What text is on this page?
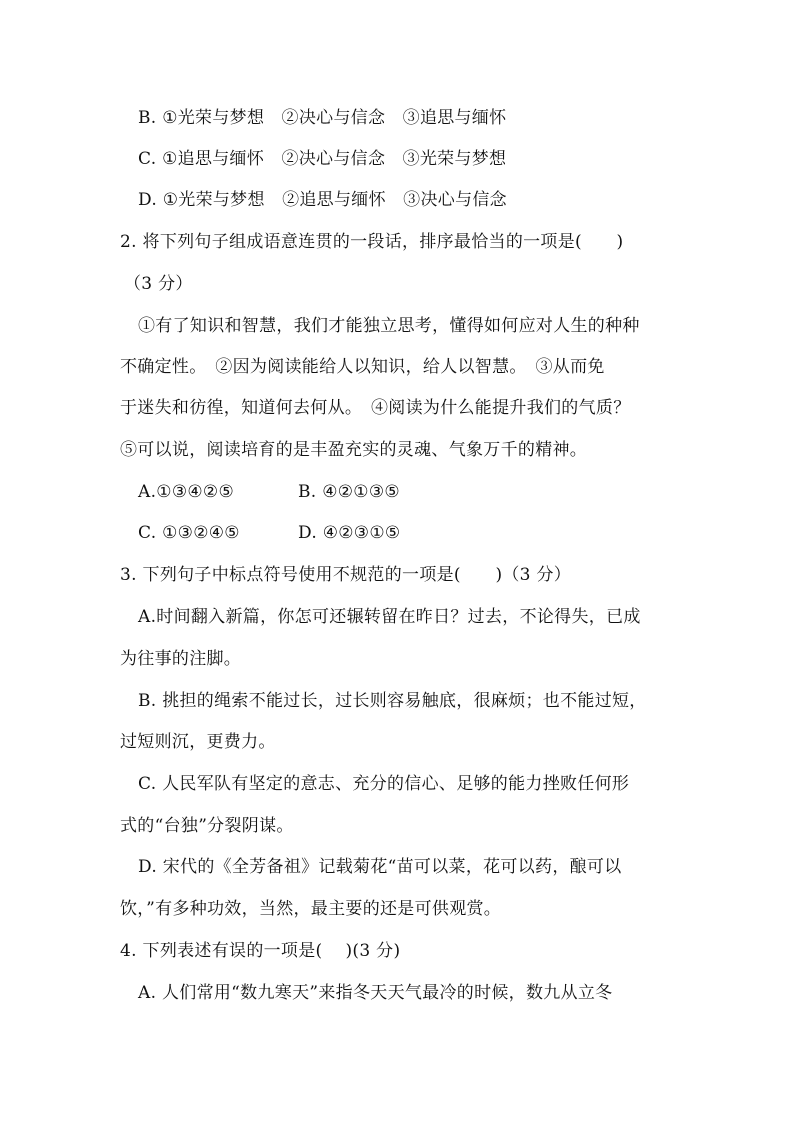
B. ①光荣与梦想　②决心与信念　③追思与缅怀
C. ①追思与缅怀　②决心与信念　③光荣与梦想
D. ①光荣与梦想　②追思与缅怀　③决心与信念
2. 将下列句子组成语意连贯的一段话，排序最恰当的一项是(　　)
（3 分）
①有了知识和智慧，我们才能独立思考，懂得如何应对人生的种种
不确定性。　②因为阅读能给人以知识，给人以智慧。　③从而免
于迷失和彷徨，知道何去何从。　④阅读为什么能提升我们的气质？
⑤可以说，阅读培育的是丰盈充实的灵魂、气象万千的精神。
A.①③④②⑤	B. ④②①③⑤
C. ①③②④⑤	D. ④②③①⑤
3. 下列句子中标点符号使用不规范的一项是(　　)（3 分）
A.时间翻入新篇，你怎可还辗转留在昨日？过去，不论得失，已成
为往事的注脚。
B. 挑担的绳索不能过长，过长则容易触底，很麻烦；也不能过短，
过短则沉，更费力。
C. 人民军队有坚定的意志、充分的信心、足够的能力挫败任何形
式的“台独”分裂阴谋。
D. 宋代的《全芳备祖》记载菊花“苗可以菜，花可以药，酿可以
饮，”有多种功效，当然，最主要的还是可供观赏。
4. 下列表述有误的一项是(　 )(3 分)
A. 人们常用“数九寒天”来指冬天天气最冷的时候，数九从立冬
